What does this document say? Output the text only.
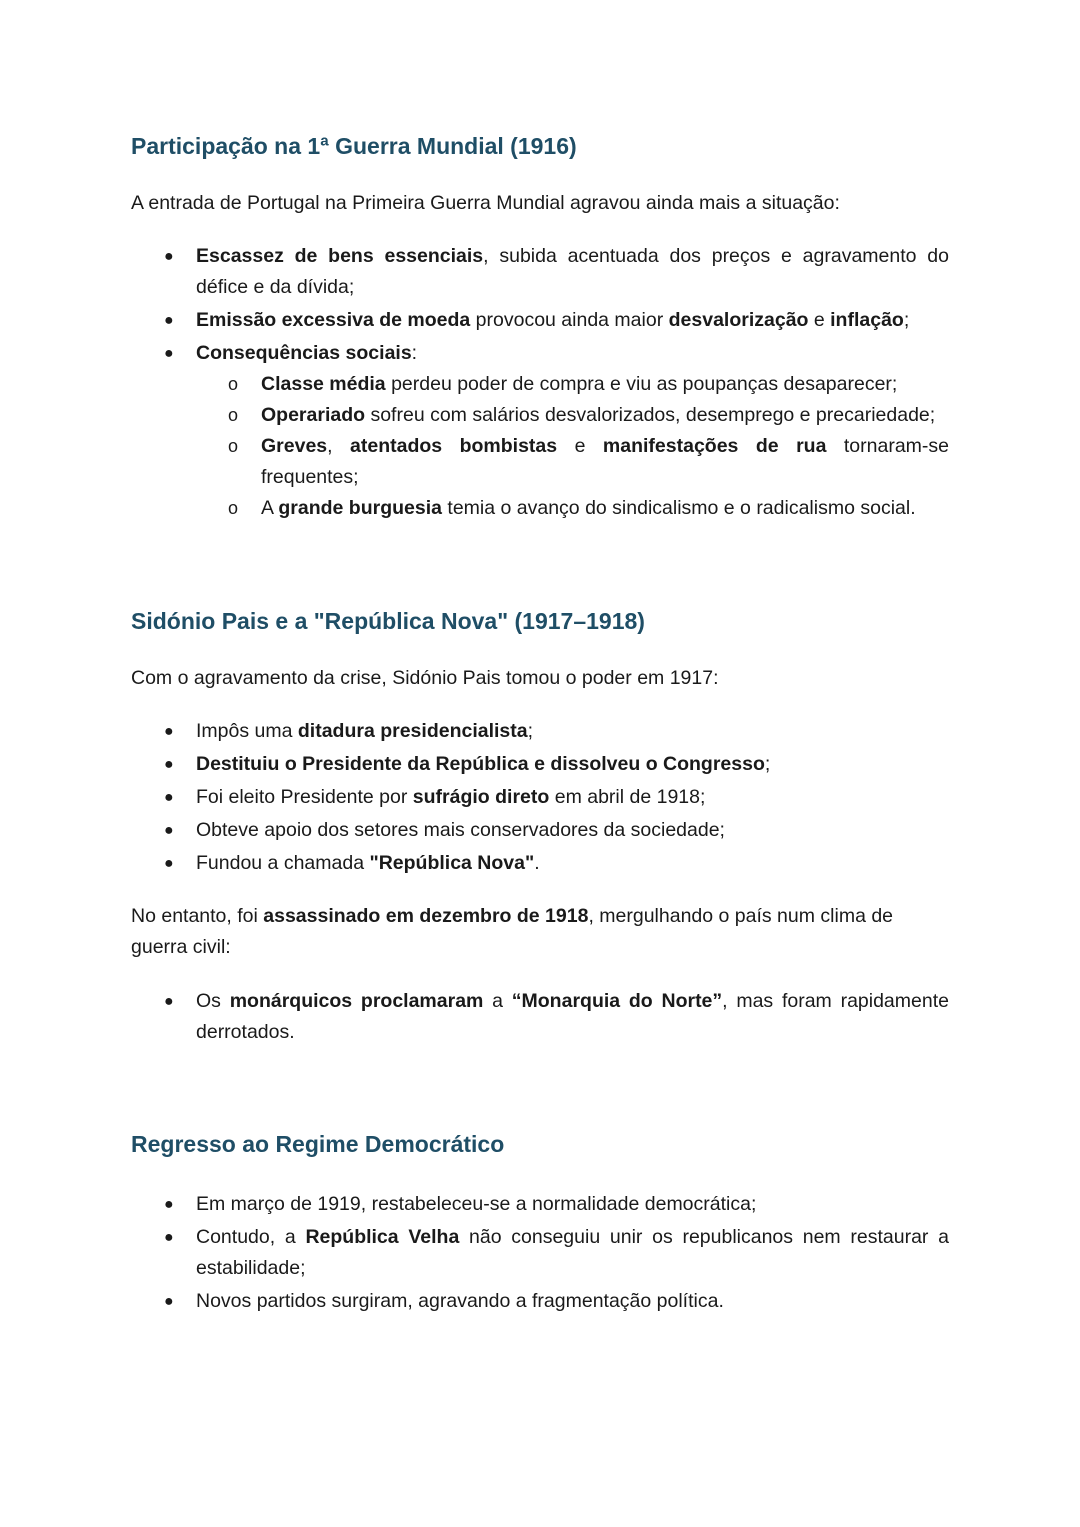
Participação na 1ª Guerra Mundial (1916)

A entrada de Portugal na Primeira Guerra Mundial agravou ainda mais a situação:

● Escassez de bens essenciais, subida acentuada dos preços e agravamento do défice e da dívida;
● Emissão excessiva de moeda provocou ainda maior desvalorização e inflação;
● Consequências sociais:
o Classe média perdeu poder de compra e viu as poupanças desaparecer;
o Operariado sofreu com salários desvalorizados, desemprego e precariedade;
o Greves, atentados bombistas e manifestações de rua tornaram-se frequentes;
o A grande burguesia temia o avanço do sindicalismo e o radicalismo social.
Sidónio Pais e a "República Nova" (1917–1918)

Com o agravamento da crise, Sidónio Pais tomou o poder em 1917:

● Impôs uma ditadura presidencialista;
● Destituiu o Presidente da República e dissolveu o Congresso;
● Foi eleito Presidente por sufrágio direto em abril de 1918;
● Obteve apoio dos setores mais conservadores da sociedade;
● Fundou a chamada "República Nova".

No entanto, foi assassinado em dezembro de 1918, mergulhando o país num clima de guerra civil:

● Os monárquicos proclamaram a “Monarquia do Norte”, mas foram rapidamente derrotados.
Regresso ao Regime Democrático
● Em março de 1919, restabeleceu-se a normalidade democrática;
● Contudo, a República Velha não conseguiu unir os republicanos nem restaurar a estabilidade;
● Novos partidos surgiram, agravando a fragmentação política.
